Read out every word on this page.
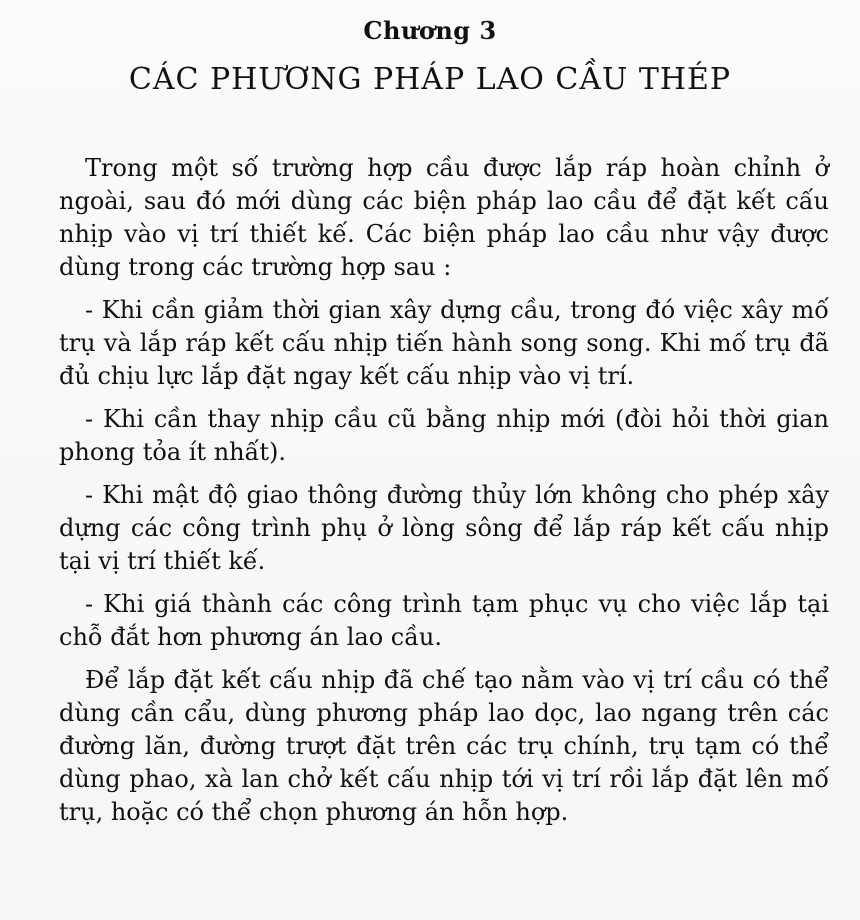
Chương 3
CÁC PHƯƠNG PHÁP LAO CẦU THÉP

Trong một số trường hợp cầu được lắp ráp hoàn chỉnh ở ngoài, sau đó mới dùng các biện pháp lao cầu để đặt kết cấu nhịp vào vị trí thiết kế. Các biện pháp lao cầu như vậy được dùng trong các trường hợp sau :

- Khi cần giảm thời gian xây dựng cầu, trong đó việc xây mố trụ và lắp ráp kết cấu nhịp tiến hành song song. Khi mố trụ đã đủ chịu lực lắp đặt ngay kết cấu nhịp vào vị trí.

- Khi cần thay nhịp cầu cũ bằng nhịp mới (đòi hỏi thời gian phong tỏa ít nhất).

- Khi mật độ giao thông đường thủy lớn không cho phép xây dựng các công trình phụ ở lòng sông để lắp ráp kết cấu nhịp tại vị trí thiết kế.

- Khi giá thành các công trình tạm phục vụ cho việc lắp tại chỗ đắt hơn phương án lao cầu.

Để lắp đặt kết cấu nhịp đã chế tạo nằm vào vị trí cầu có thể dùng cần cẩu, dùng phương pháp lao dọc, lao ngang trên các đường lăn, đường trượt đặt trên các trụ chính, trụ tạm có thể dùng phao, xà lan chở kết cấu nhịp tới vị trí rồi lắp đặt lên mố trụ, hoặc có thể chọn phương án hỗn hợp.
